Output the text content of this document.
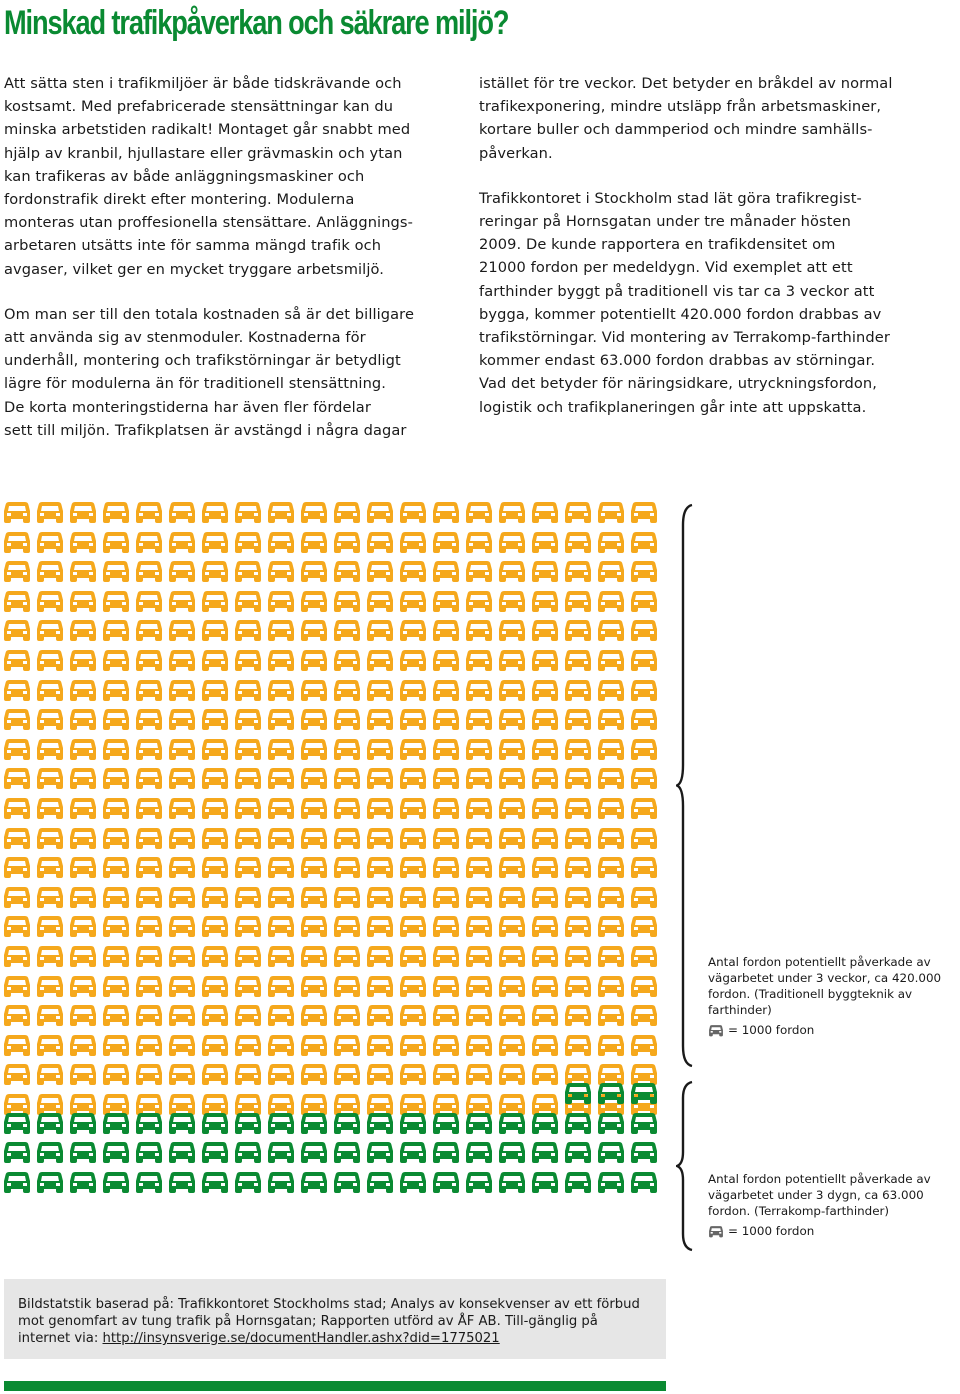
Minskad trafikpåverkan och säkrare miljö?

Att sätta sten i trafikmiljöer är både tidskrävande och
kostsamt. Med prefabricerade stensättningar kan du
minska arbetstiden radikalt! Montaget går snabbt med
hjälp av kranbil, hjullastare eller grävmaskin och ytan
kan trafikeras av både anläggningsmaskiner och
fordonstrafik direkt efter montering. Modulerna
monteras utan proffesionella stensättare. Anläggnings-
arbetaren utsätts inte för samma mängd trafik och
avgaser, vilket ger en mycket tryggare arbetsmiljö.

Om man ser till den totala kostnaden så är det billigare
att använda sig av stenmoduler. Kostnaderna för
underhåll, montering och trafikstörningar är betydligt
lägre för modulerna än för traditionell stensättning.
De korta monteringstiderna har även fler fördelar
sett till miljön. Trafikplatsen är avstängd i några dagar

istället för tre veckor. Det betyder en bråkdel av normal
trafikexponering, mindre utsläpp från arbetsmaskiner,
kortare buller och dammperiod och mindre samhälls-
påverkan.

Trafikkontoret i Stockholm stad lät göra trafikregist-
reringar på Hornsgatan under tre månader hösten
2009. De kunde rapportera en trafikdensitet om
21000 fordon per medeldygn. Vid exemplet att ett
farthinder byggt på traditionell vis tar ca 3 veckor att
bygga, kommer potentiellt 420.000 fordon drabbas av
trafikstörningar. Vid montering av Terrakomp-farthinder
kommer endast 63.000 fordon drabbas av störningar.
Vad det betyder för näringsidkare, utryckningsfordon,
logistik och trafikplaneringen går inte att uppskatta.

Antal fordon potentiellt påverkade av vägarbetet under 3 veckor, ca 420.000 fordon. (Traditionell byggteknik av farthinder)

= 1000 fordon

Antal fordon potentiellt påverkade av vägarbetet under 3 dygn, ca 63.000 fordon. (Terrakomp-farthinder)

= 1000 fordon
Bildstatstik baserad på: Trafikkontoret Stockholms stad; Analys av konsekvenser av ett förbud mot genomfart av tung trafik på Hornsgatan; Rapporten utförd av ÅF AB. Till-gänglig på internet via: http://insynsverige.se/documentHandler.ashx?did=1775021
